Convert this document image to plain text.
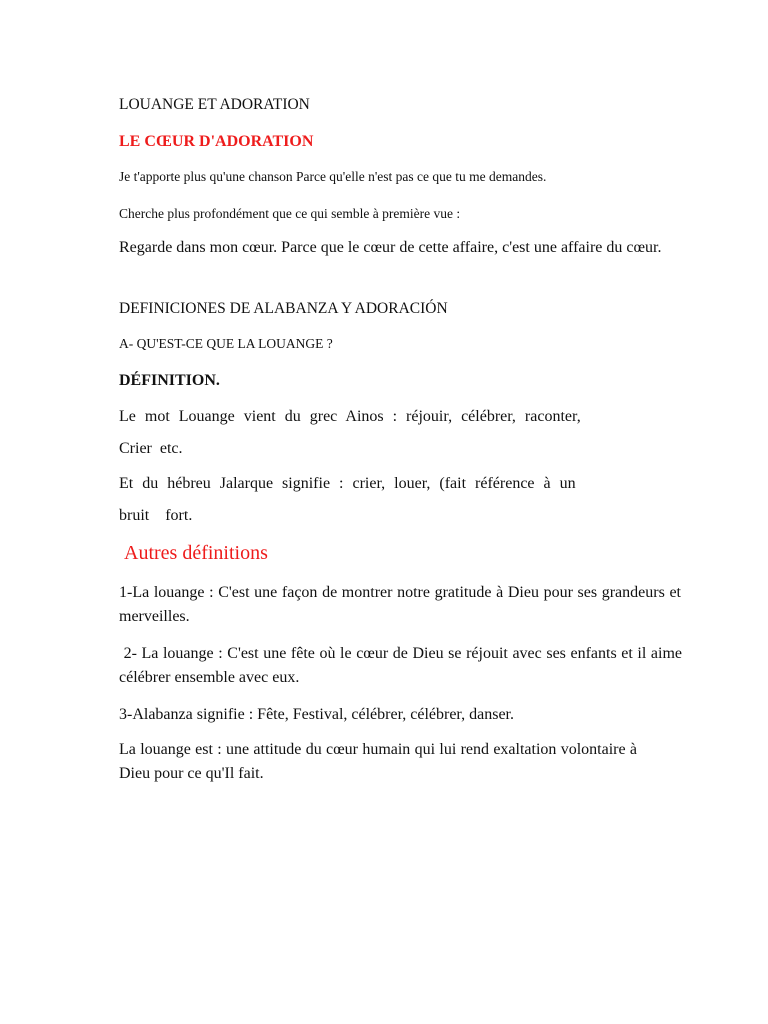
LOUANGE ET ADORATION

LE CŒUR D'ADORATION

Je t'apporte plus qu'une chanson Parce qu'elle n'est pas ce que tu me demandes.

Cherche plus profondément que ce qui semble à première vue :

Regarde dans mon cœur. Parce que le cœur de cette affaire, c'est une affaire du cœur.

DEFINICIONES DE ALABANZA Y ADORACIÓN

A- QU'EST-CE QUE LA LOUANGE ?

DÉFINITION.

Le mot Louange vient du grec Ainos : réjouir, célébrer, raconter,

Crier  etc.

Et du hébreu Jalarque signifie : crier, louer, (fait référence à un

bruit    fort.

Autres définitions

1-La louange : C'est une façon de montrer notre gratitude à Dieu pour ses grandeurs et merveilles.

2- La louange : C'est une fête où le cœur de Dieu se réjouit avec ses enfants et il aime célébrer ensemble avec eux.

3-Alabanza signifie : Fête, Festival, célébrer, célébrer, danser.

La louange est : une attitude du cœur humain qui lui rend exaltation volontaire à Dieu pour ce qu'Il fait.
